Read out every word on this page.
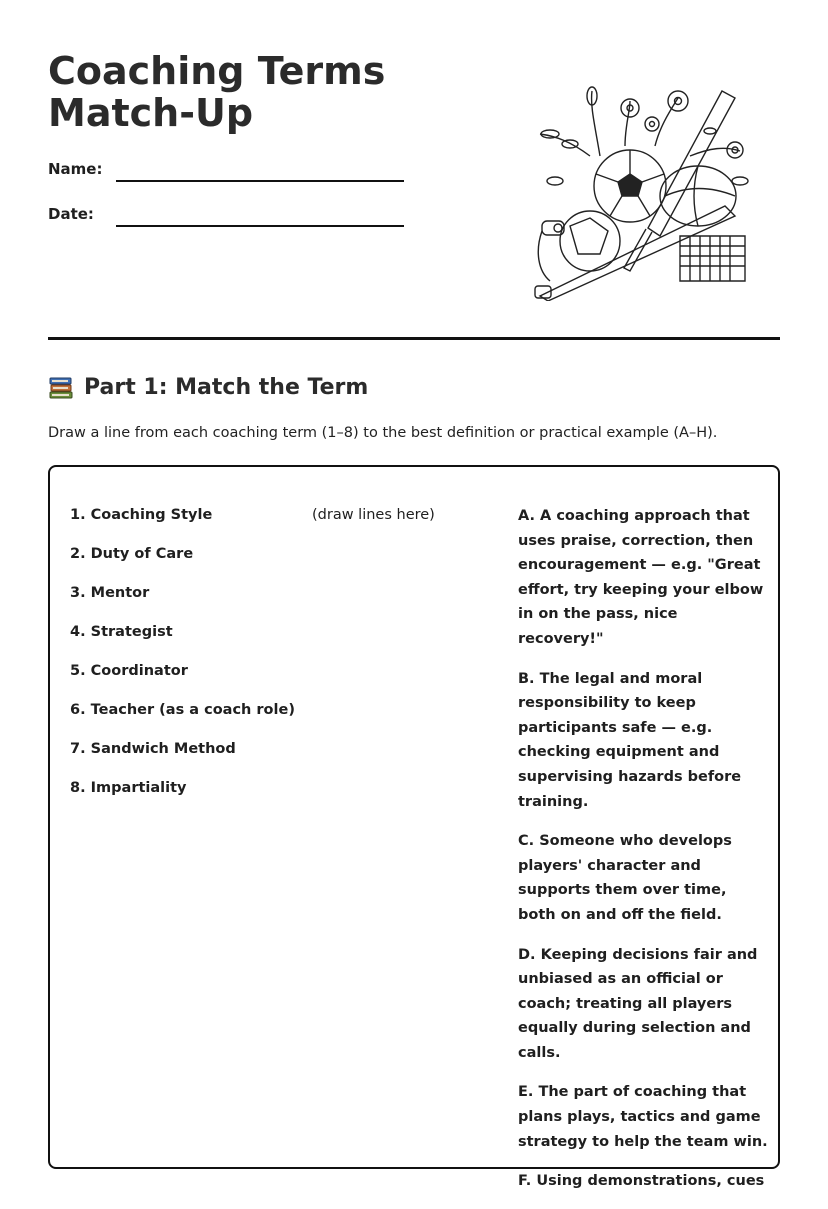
Coaching Terms Match-Up
Name:
Date:
Part 1: Match the Term
Draw a line from each coaching term (1–8) to the best definition or practical example (A–H).
1. Coaching Style
2. Duty of Care
3. Mentor
4. Strategist
5. Coordinator
6. Teacher (as a coach role)
7. Sandwich Method
8. Impartiality
(draw lines here)	A. A coaching approach that uses praise, correction, then encouragement — e.g. "Great effort, try keeping your elbow in on the pass, nice recovery!"
B. The legal and moral responsibility to keep participants safe — e.g. checking equipment and supervising hazards before training.
C. Someone who develops players' character and supports them over time, both on and off the field.
D. Keeping decisions fair and unbiased as an official or coach; treating all players equally during selection and calls.
E. The part of coaching that plans plays, tactics and game strategy to help the team win.
F. Using demonstrations, cues
